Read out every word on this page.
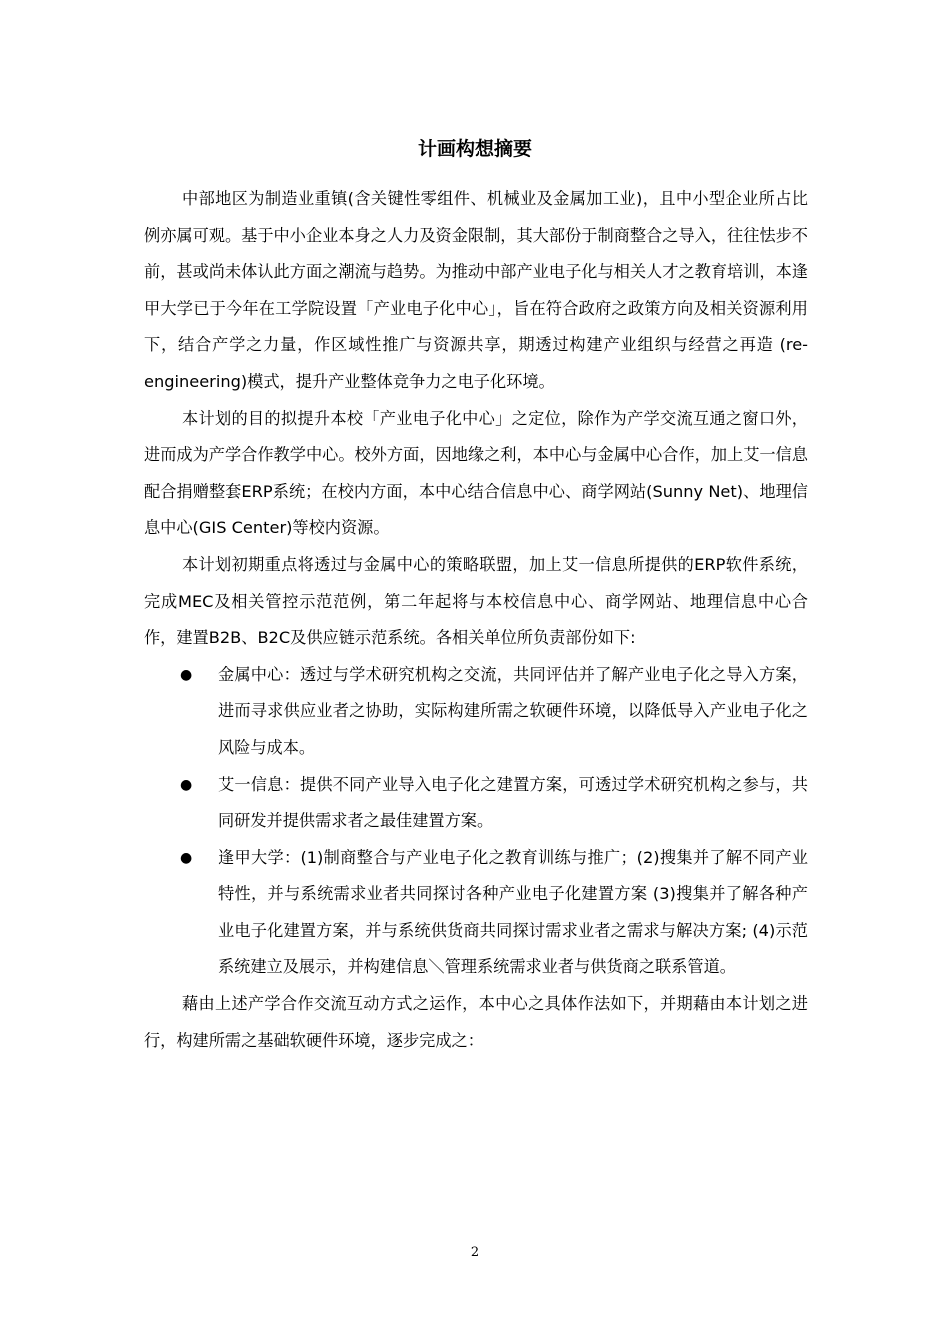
计画构想摘要

中部地区为制造业重镇(含关键性零组件、机械业及金属加工业)，且中小型企业所占比例亦属可观。基于中小企业本身之人力及资金限制，其大部份于制商整合之导入，往往怯步不前，甚或尚未体认此方面之潮流与趋势。为推动中部产业电子化与相关人才之教育培训，本逢甲大学已于今年在工学院设置「产业电子化中心」，旨在符合政府之政策方向及相关资源利用下，结合产学之力量，作区域性推广与资源共享，期透过构建产业组织与经营之再造 (re-engineering)模式，提升产业整体竞争力之电子化环境。

本计划的目的拟提升本校「产业电子化中心」之定位，除作为产学交流互通之窗口外，进而成为产学合作教学中心。校外方面，因地缘之利，本中心与金属中心合作，加上艾一信息配合捐赠整套ERP系统；在校内方面，本中心结合信息中心、商学网站(Sunny Net)、地理信息中心(GIS Center)等校内资源。

本计划初期重点将透过与金属中心的策略联盟，加上艾一信息所提供的ERP软件系统，完成MEC及相关管控示范范例，第二年起将与本校信息中心、商学网站、地理信息中心合作，建置B2B、B2C及供应链示范系统。各相关单位所负责部份如下:

● 金属中心：透过与学术研究机构之交流，共同评估并了解产业电子化之导入方案，进而寻求供应业者之协助，实际构建所需之软硬件环境，以降低导入产业电子化之风险与成本。
● 艾一信息：提供不同产业导入电子化之建置方案，可透过学术研究机构之参与，共同研发并提供需求者之最佳建置方案。
● 逢甲大学：(1)制商整合与产业电子化之教育训练与推广；(2)搜集并了解不同产业特性，并与系统需求业者共同探讨各种产业电子化建置方案 (3)搜集并了解各种产业电子化建置方案，并与系统供货商共同探讨需求业者之需求与解决方案; (4)示范系统建立及展示，并构建信息＼管理系统需求业者与供货商之联系管道。

藉由上述产学合作交流互动方式之运作，本中心之具体作法如下，并期藉由本计划之进行，构建所需之基础软硬件环境，逐步完成之：

2
